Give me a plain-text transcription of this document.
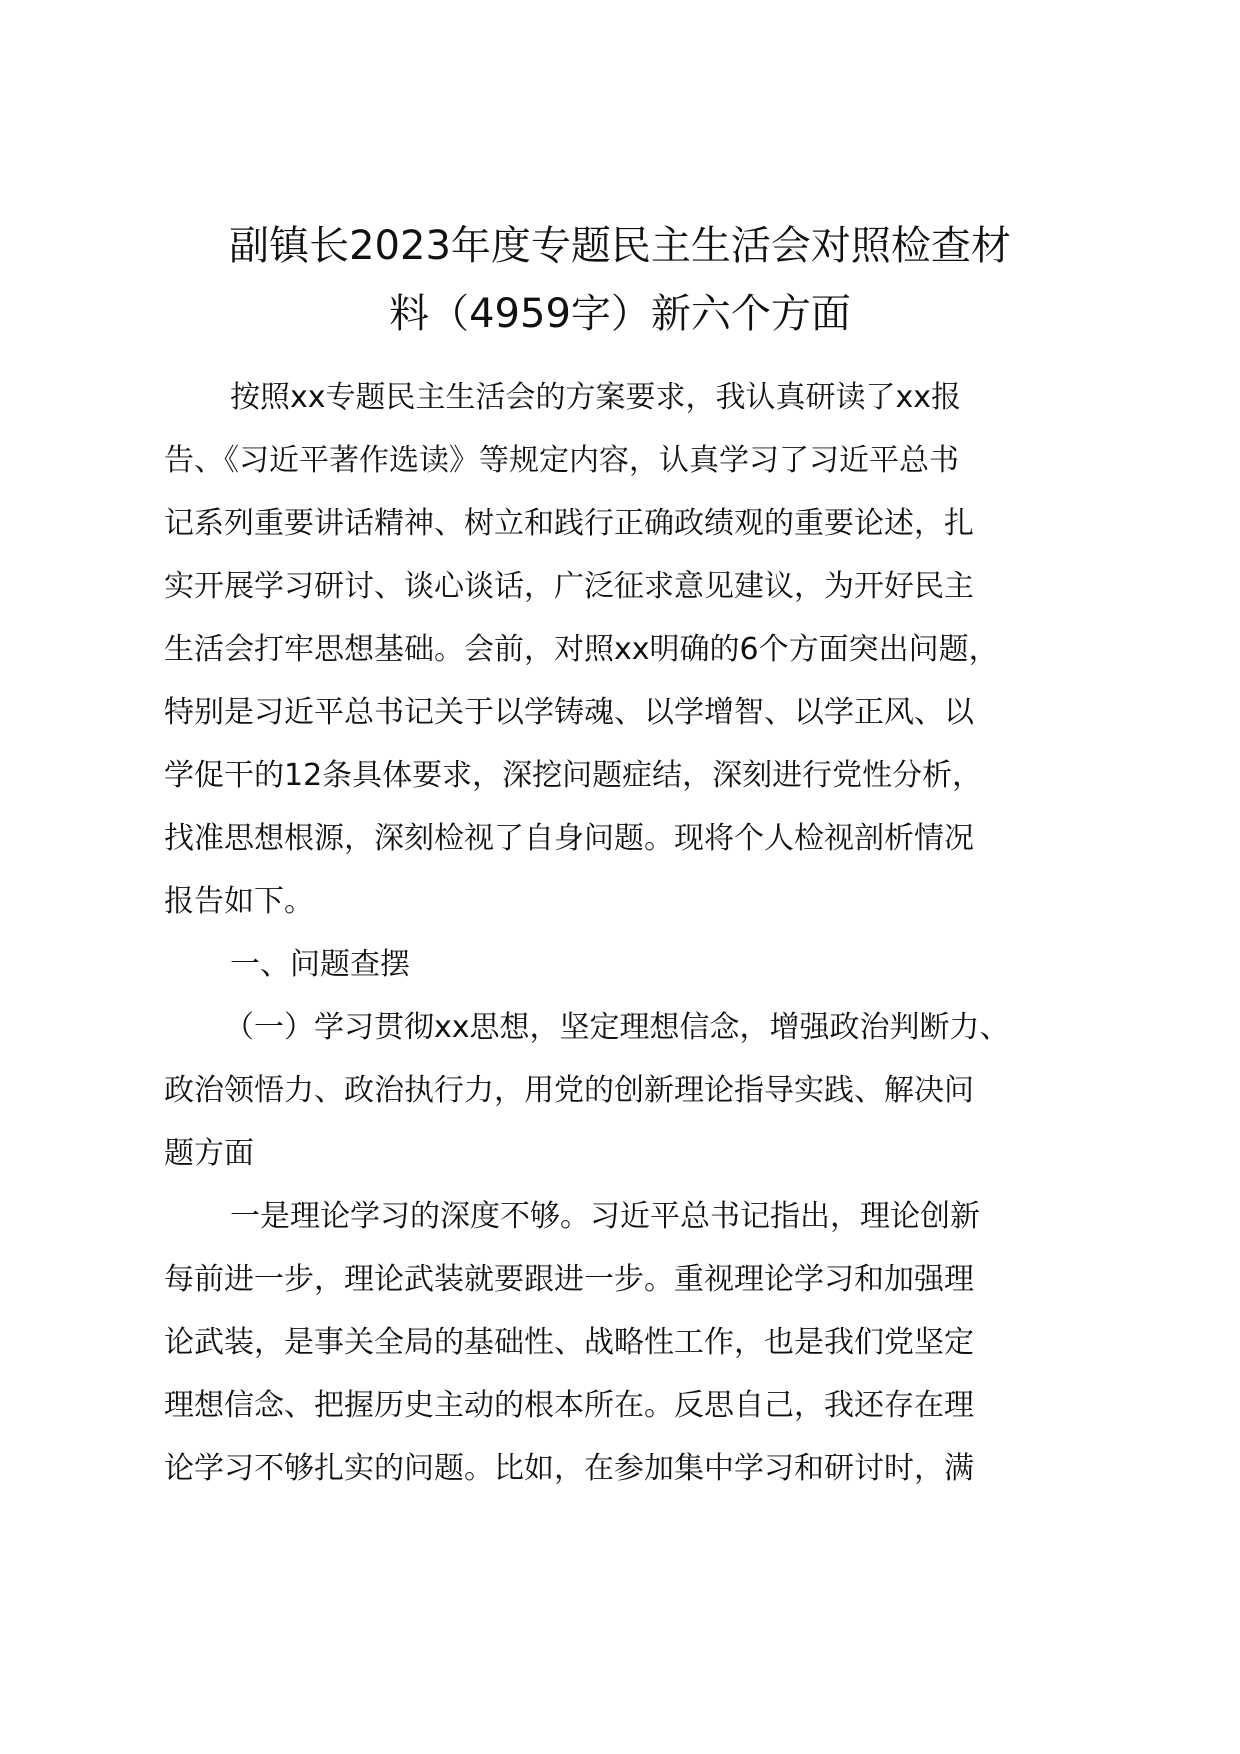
副镇长2023年度专题民主生活会对照检查材
料（4959字）新六个方面
按照xx专题民主生活会的方案要求，我认真研读了xx报
告、《习近平著作选读》等规定内容，认真学习了习近平总书
记系列重要讲话精神、树立和践行正确政绩观的重要论述，扎
实开展学习研讨、谈心谈话，广泛征求意见建议，为开好民主
生活会打牢思想基础。会前，对照xx明确的6个方面突出问题，
特别是习近平总书记关于以学铸魂、以学增智、以学正风、以
学促干的12条具体要求，深挖问题症结，深刻进行党性分析，
找准思想根源，深刻检视了自身问题。现将个人检视剖析情况
报告如下。
一、问题查摆
（一）学习贯彻xx思想，坚定理想信念，增强政治判断力、
政治领悟力、政治执行力，用党的创新理论指导实践、解决问
题方面
一是理论学习的深度不够。习近平总书记指出，理论创新
每前进一步，理论武装就要跟进一步。重视理论学习和加强理
论武装，是事关全局的基础性、战略性工作，也是我们党坚定
理想信念、把握历史主动的根本所在。反思自己，我还存在理
论学习不够扎实的问题。比如，在参加集中学习和研讨时，满
